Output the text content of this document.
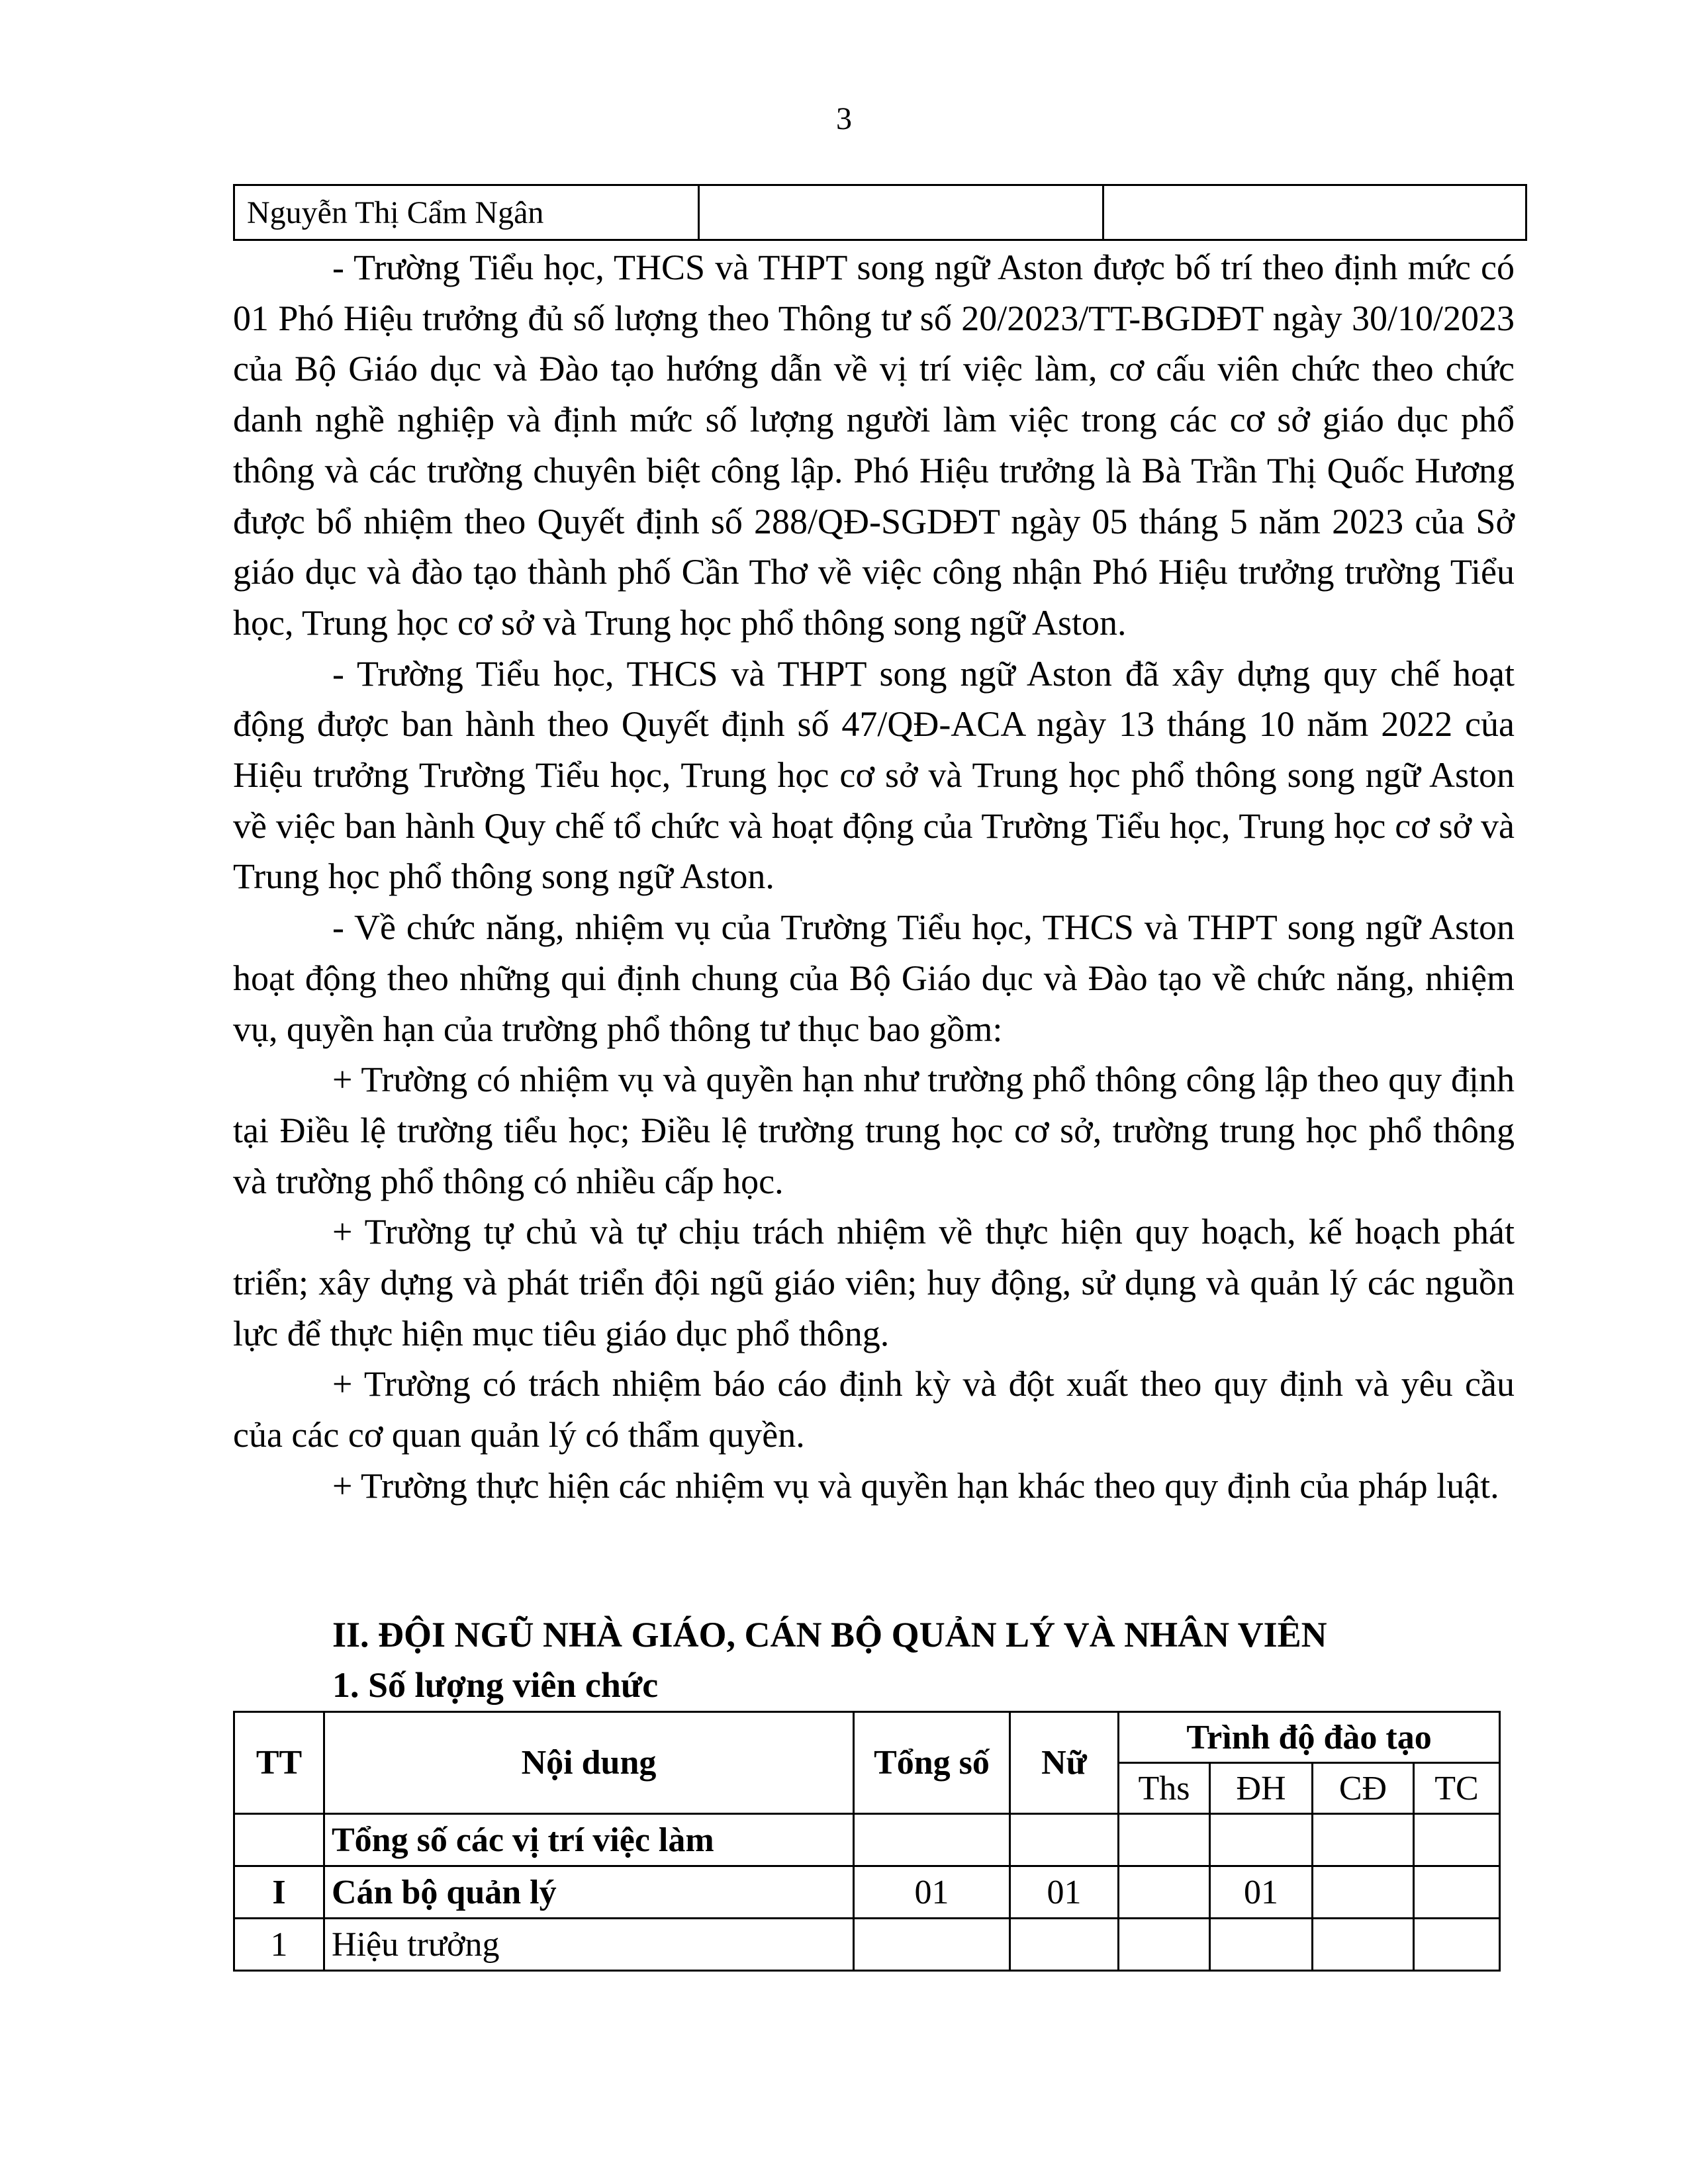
3
Nguyễn Thị Cẩm Ngân		

- Trường Tiểu học, THCS và THPT song ngữ Aston được bố trí theo định mức có 01 Phó Hiệu trưởng đủ số lượng theo Thông tư số 20/2023/TT-BGDĐT ngày 30/10/2023 của Bộ Giáo dục và Đào tạo hướng dẫn về vị trí việc làm, cơ cấu viên chức theo chức danh nghề nghiệp và định mức số lượng người làm việc trong các cơ sở giáo dục phổ thông và các trường chuyên biệt công lập. Phó Hiệu trưởng là Bà Trần Thị Quốc Hương được bổ nhiệm theo Quyết định số 288/QĐ-SGDĐT ngày 05 tháng 5 năm 2023 của Sở giáo dục và đào tạo thành phố Cần Thơ về việc công nhận Phó Hiệu trưởng trường Tiểu học, Trung học cơ sở và Trung học phổ thông song ngữ Aston.

- Trường Tiểu học, THCS và THPT song ngữ Aston đã xây dựng quy chế hoạt động được ban hành theo Quyết định số 47/QĐ-ACA ngày 13 tháng 10 năm 2022 của Hiệu trưởng Trường Tiểu học, Trung học cơ sở và Trung học phổ thông song ngữ Aston về việc ban hành Quy chế tổ chức và hoạt động của Trường Tiểu học, Trung học cơ sở và Trung học phổ thông song ngữ Aston.

- Về chức năng, nhiệm vụ của Trường Tiểu học, THCS và THPT song ngữ Aston hoạt động theo những qui định chung của Bộ Giáo dục và Đào tạo về chức năng, nhiệm vụ, quyền hạn của trường phổ thông tư thục bao gồm:

+ Trường có nhiệm vụ và quyền hạn như trường phổ thông công lập theo quy định tại Điều lệ trường tiểu học; Điều lệ trường trung học cơ sở, trường trung học phổ thông và trường phổ thông có nhiều cấp học.

+ Trường tự chủ và tự chịu trách nhiệm về thực hiện quy hoạch, kế hoạch phát triển; xây dựng và phát triển đội ngũ giáo viên; huy động, sử dụng và quản lý các nguồn lực để thực hiện mục tiêu giáo dục phổ thông.

+ Trường có trách nhiệm báo cáo định kỳ và đột xuất theo quy định và yêu cầu của các cơ quan quản lý có thẩm quyền.

+ Trường thực hiện các nhiệm vụ và quyền hạn khác theo quy định của pháp luật.

II. ĐỘI NGŨ NHÀ GIÁO, CÁN BỘ QUẢN LÝ VÀ NHÂN VIÊN
1. Số lượng viên chức
TT	Nội dung	Tổng số	Nữ	Trình độ đào tạo			
				Ths	ĐH	CĐ	TC
	Tổng số các vị trí việc làm						
I	Cán bộ quản lý	01	01		01		
1	Hiệu trưởng						
